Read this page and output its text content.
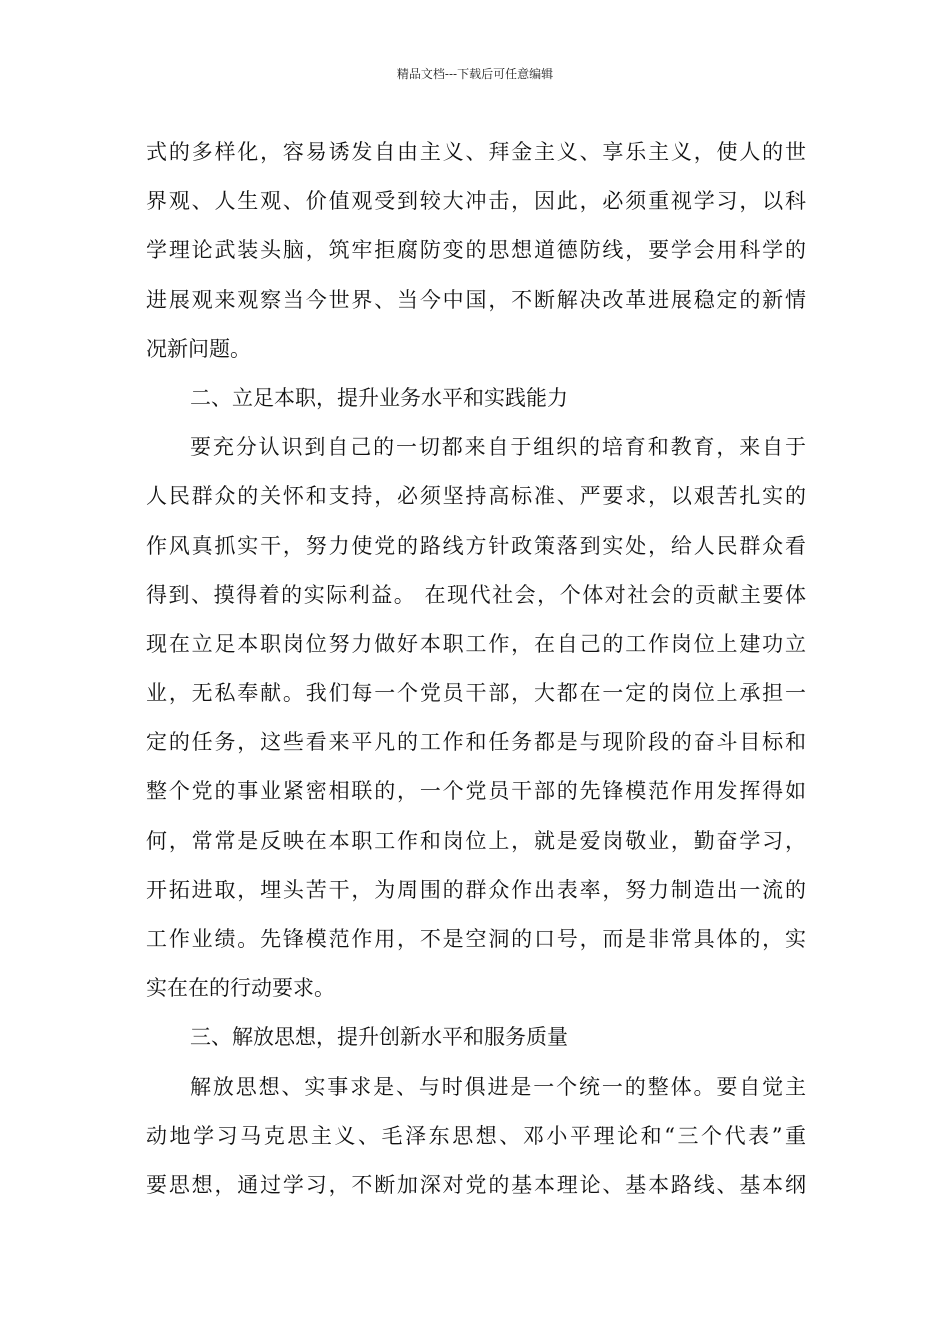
精品文档---下载后可任意编辑
式的多样化，容易诱发自由主义、拜金主义、享乐主义，使人的世
界观、人生观、价值观受到较大冲击，因此，必须重视学习，以科
学理论武装头脑，筑牢拒腐防变的思想道德防线，要学会用科学的
进展观来观察当今世界、当今中国，不断解决改革进展稳定的新情
况新问题。
二、立足本职，提升业务水平和实践能力
要充分认识到自己的一切都来自于组织的培育和教育，来自于
人民群众的关怀和支持，必须坚持高标准、严要求，以艰苦扎实的
作风真抓实干，努力使党的路线方针政策落到实处，给人民群众看
得到、摸得着的实际利益。 在现代社会，个体对社会的贡献主要体
现在立足本职岗位努力做好本职工作，在自己的工作岗位上建功立
业，无私奉献。我们每一个党员干部，大都在一定的岗位上承担一
定的任务，这些看来平凡的工作和任务都是与现阶段的奋斗目标和
整个党的事业紧密相联的，一个党员干部的先锋模范作用发挥得如
何，常常是反映在本职工作和岗位上，就是爱岗敬业，勤奋学习，
开拓进取，埋头苦干，为周围的群众作出表率，努力制造出一流的
工作业绩。先锋模范作用，不是空洞的口号，而是非常具体的，实
实在在的行动要求。
三、解放思想，提升创新水平和服务质量
解放思想、实事求是、与时俱进是一个统一的整体。要自觉主
动地学习马克思主义、毛泽东思想、邓小平理论和“三个代表”重
要思想，通过学习，不断加深对党的基本理论、基本路线、基本纲
